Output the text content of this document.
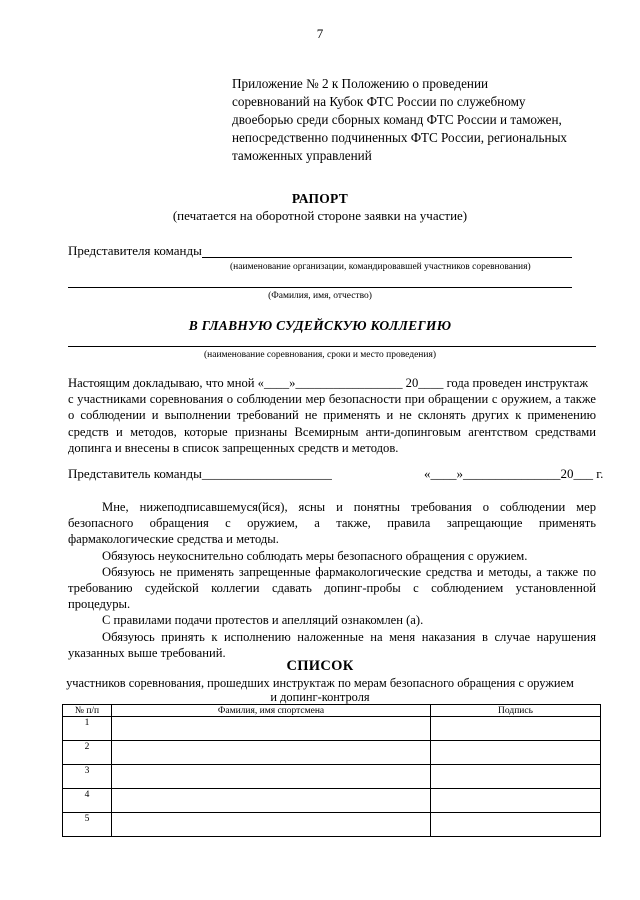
7
Приложение № 2 к Положению о проведении
соревнований на Кубок ФТС России по служебному
двоеборью среди сборных команд ФТС России и таможен,
непосредственно подчиненных ФТС России, региональных
таможенных управлений
РАПОРТ
(печатается на оборотной стороне заявки на участие)
Представителя команды
(наименование организации, командировавшей участников соревнования)
(Фамилия, имя, отчество)
В ГЛАВНУЮ СУДЕЙСКУЮ КОЛЛЕГИЮ
(наименование соревнования, сроки и место проведения)
Настоящим докладываю, что мной «____»_________________ 20____ года проведен инструктаж
с участниками соревнования о соблюдении мер безопасности при обращении с оружием, а также о соблюдении и выполнении требований не применять и не склонять других к применению средств и методов, которые признаны Всемирным анти-допинговым агентством средствами допинга и внесены в список запрещенных средств и методов.
Представитель команды____________________	«____»_______________20___ г.

Мне, нижеподписавшемуся(йся), ясны и понятны требования о соблюдении мер безопасного обращения с оружием, а также, правила запрещающие применять фармакологические средства и методы.

Обязуюсь неукоснительно соблюдать меры безопасного обращения с оружием.

Обязуюсь не применять запрещенные фармакологические средства и методы, а также по требованию судейской коллегии сдавать допинг-пробы с соблюдением установленной процедуры.

С правилами подачи протестов и апелляций ознакомлен (а).

Обязуюсь принять к исполнению наложенные на меня наказания в случае нарушения указанных выше требований.

СПИСОК
участников соревнования, прошедших инструктаж по мерам безопасного обращения с оружием
и допинг-контроля
№ п/п	Фамилия, имя спортсмена	Подпись
1		
2		
3		
4		
5		
